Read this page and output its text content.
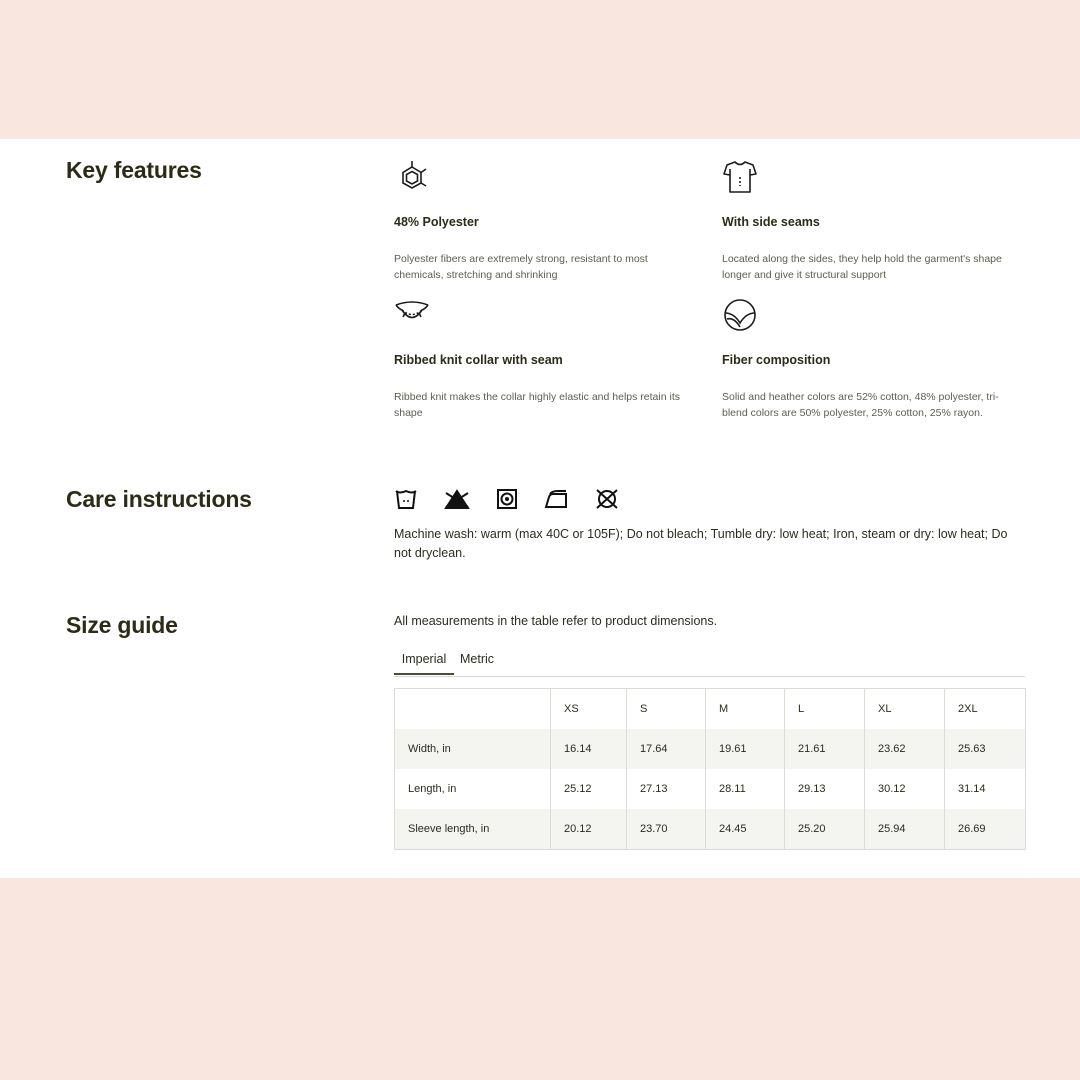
Key features
48% Polyester
Polyester fibers are extremely strong, resistant to most chemicals, stretching and shrinking
With side seams
Located along the sides, they help hold the garment's shape longer and give it structural support
Ribbed knit collar with seam
Ribbed knit makes the collar highly elastic and helps retain its shape
Fiber composition
Solid and heather colors are 52% cotton, 48% polyester, tri-blend colors are 50% polyester, 25% cotton, 25% rayon.
Care instructions
Machine wash: warm (max 40C or 105F); Do not bleach; Tumble dry: low heat; Iron, steam or dry: low heat; Do not dryclean.
Size guide	All measurements in the table refer to product dimensions.
Imperial	Metric
	XS	S	M	L	XL	2XL
Width, in	16.14	17.64	19.61	21.61	23.62	25.63
Length, in	25.12	27.13	28.11	29.13	30.12	31.14
Sleeve length, in	20.12	23.70	24.45	25.20	25.94	26.69
